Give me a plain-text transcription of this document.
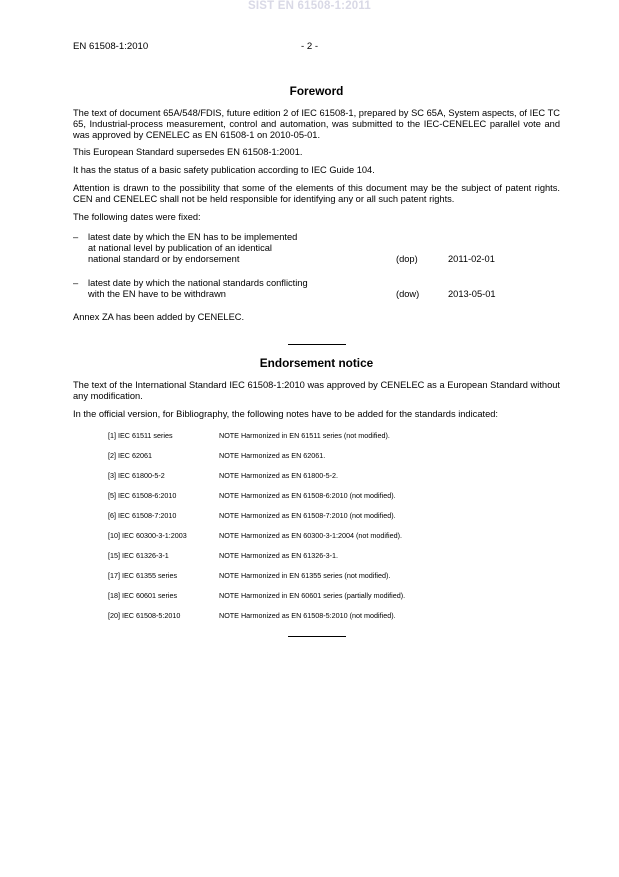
SIST EN 61508-1:2011
EN 61508-1:2010	- 2 -
Foreword

The text of document 65A/548/FDIS, future edition 2 of IEC 61508-1, prepared by SC 65A, System aspects, of IEC TC 65, Industrial-process measurement, control and automation, was submitted to the IEC-CENELEC parallel vote and was approved by CENELEC as EN 61508-1 on 2010-05-01.

This European Standard supersedes EN 61508-1:2001.

It has the status of a basic safety publication according to IEC Guide 104.

Attention is drawn to the possibility that some of the elements of this document may be the subject of patent rights. CEN and CENELEC shall not be held responsible for identifying any or all such patent rights.

The following dates were fixed:

–	latest date by which the EN has to be implemented
at national level by publication of an identical
national standard or by endorsement	(dop)	2011-02-01
–	latest date by which the national standards conflicting
with the EN have to be withdrawn	(dow)	2013-05-01

Annex ZA has been added by CENELEC.

Endorsement notice

The text of the International Standard IEC 61508-1:2010 was approved by CENELEC as a European Standard without any modification.

In the official version, for Bibliography, the following notes have to be added for the standards indicated:

[1] IEC 61511 series	NOTE Harmonized in EN 61511 series (not modified).
[2] IEC 62061	NOTE Harmonized as EN 62061.
[3] IEC 61800-5-2	NOTE Harmonized as EN 61800-5-2.
[5] IEC 61508-6:2010	NOTE Harmonized as EN 61508-6:2010 (not modified).
[6] IEC 61508-7:2010	NOTE Harmonized as EN 61508-7:2010 (not modified).
[10] IEC 60300-3-1:2003	NOTE Harmonized as EN 60300-3-1:2004 (not modified).
[15] IEC 61326-3-1	NOTE Harmonized as EN 61326-3-1.
[17] IEC 61355 series	NOTE Harmonized in EN 61355 series (not modified).
[18] IEC 60601 series	NOTE Harmonized in EN 60601 series (partially modified).
[20] IEC 61508-5:2010	NOTE Harmonized as EN 61508-5:2010 (not modified).
